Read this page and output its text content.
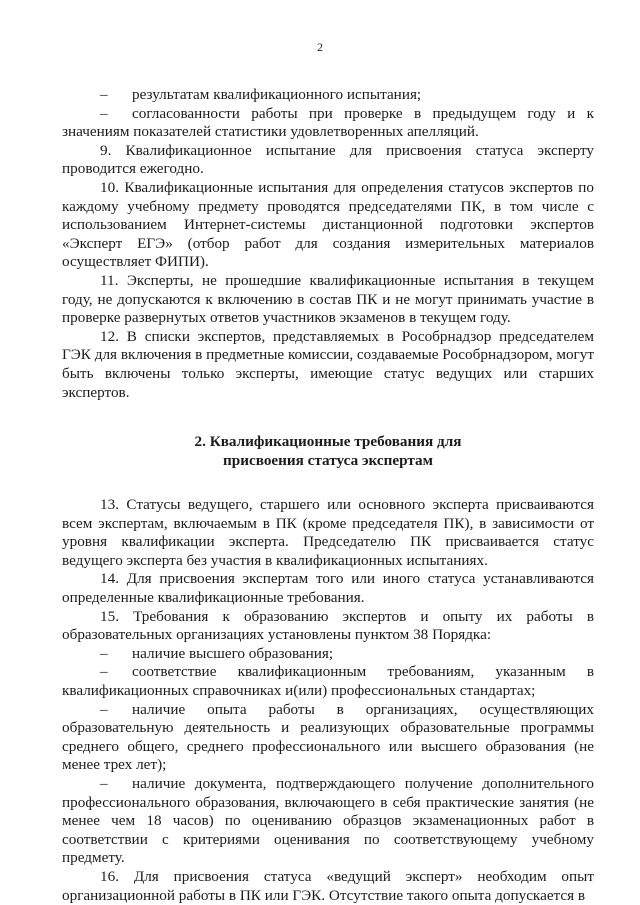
2

– результатам квалификационного испытания;

– согласованности работы при проверке в предыдущем году и к значениям показателей статистики удовлетворенных апелляций.

9. Квалификационное испытание для присвоения статуса эксперту проводится ежегодно.

10. Квалификационные испытания для определения статусов экспертов по каждому учебному предмету проводятся председателями ПК, в том числе с использованием Интернет-системы дистанционной подготовки экспертов «Эксперт ЕГЭ» (отбор работ для создания измерительных материалов осуществляет ФИПИ).

11. Эксперты, не прошедшие квалификационные испытания в текущем году, не допускаются к включению в состав ПК и не могут принимать участие в проверке развернутых ответов участников экзаменов в текущем году.

12. В списки экспертов, представляемых в Рособрнадзор председателем ГЭК для включения в предметные комиссии, создаваемые Рособрнадзором, могут быть включены только эксперты, имеющие статус ведущих или старших экспертов.

2. Квалификационные требования для
присвоения статуса экспертам

13. Статусы ведущего, старшего или основного эксперта присваиваются всем экспертам, включаемым в ПК (кроме председателя ПК), в зависимости от уровня квалификации эксперта. Председателю ПК присваивается статус ведущего эксперта без участия в квалификационных испытаниях.

14. Для присвоения экспертам того или иного статуса устанавливаются определенные квалификационные требования.

15. Требования к образованию экспертов и опыту их работы в образовательных организациях установлены пунктом 38 Порядка:

– наличие высшего образования;

– соответствие квалификационным требованиям, указанным в квалификационных справочниках и(или) профессиональных стандартах;

– наличие опыта работы в организациях, осуществляющих образовательную деятельность и реализующих образовательные программы среднего общего, среднего профессионального или высшего образования (не менее трех лет);

– наличие документа, подтверждающего получение дополнительного профессионального образования, включающего в себя практические занятия (не менее чем 18 часов) по оцениванию образцов экзаменационных работ в соответствии с критериями оценивания по соответствующему учебному предмету.

16. Для присвоения статуса «ведущий эксперт» необходим опыт организационной работы в ПК или ГЭК. Отсутствие такого опыта допускается в
